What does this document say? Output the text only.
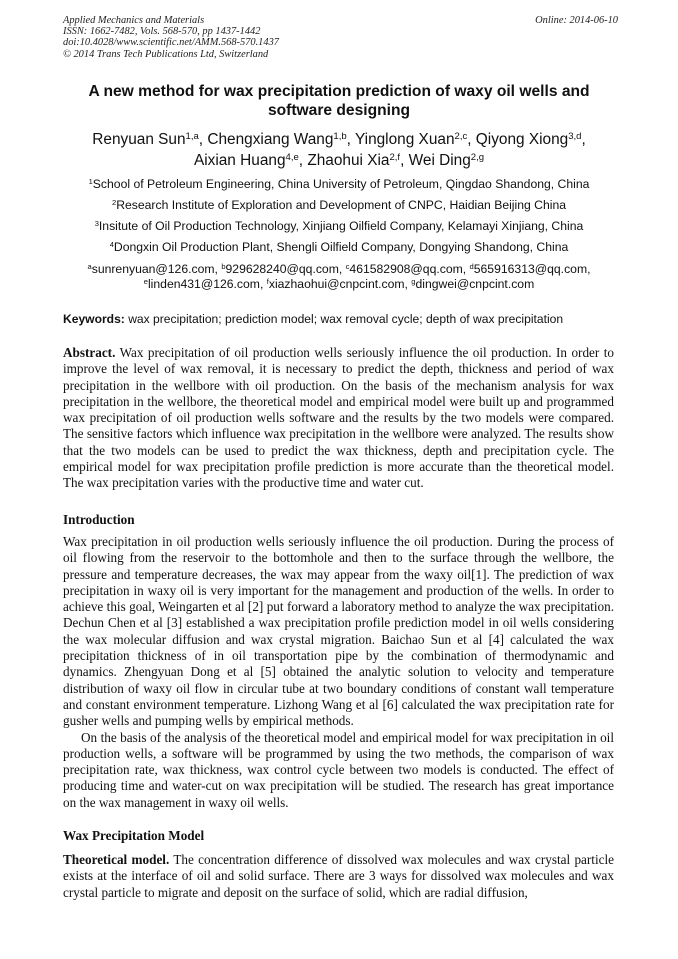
Applied Mechanics and Materials
ISSN: 1662-7482, Vols. 568-570, pp 1437-1442
doi:10.4028/www.scientific.net/AMM.568-570.1437
© 2014 Trans Tech Publications Ltd, Switzerland
Online: 2014-06-10
A new method for wax precipitation prediction of waxy oil wells and software designing
Renyuan Sun$^{1,a}$, Chengxiang Wang$^{1,b}$, Yinglong Xuan$^{2,c}$, Qiyong Xiong$^{3,d}$,
Aixian Huang$^{4,e}$, Zhaohui Xia$^{2,f}$, Wei Ding$^{2,g}$
$^1$School of Petroleum Engineering, China University of Petroleum, Qingdao Shandong, China
$^2$Research Institute of Exploration and Development of CNPC, Haidian Beijing China
$^3$Insitute of Oil Production Technology, Xinjiang Oilfield Company, Kelamayi Xinjiang, China
$^4$Dongxin Oil Production Plant, Shengli Oilfield Company, Dongying Shandong, China
$^a$sunrenyuan@126.com, $^b$929628240@qq.com, $^c$461582908@qq.com, $^d$565916313@qq.com,
$^e$linden431@126.com, $^f$xiazhaohui@cnpcint.com, $^g$dingwei@cnpcint.com
Keywords: wax precipitation; prediction model; wax removal cycle; depth of wax precipitation

Abstract. Wax precipitation of oil production wells seriously influence the oil production. In order to improve the level of wax removal, it is necessary to predict the depth, thickness and period of wax precipitation in the wellbore with oil production. On the basis of the mechanism analysis for wax precipitation in the wellbore, the theoretical model and empirical model were built up and programmed wax precipitation of oil production wells software and the results by the two models were compared. The sensitive factors which influence wax precipitation in the wellbore were analyzed. The results show that the two models can be used to predict the wax thickness, depth and precipitation cycle. The empirical model for wax precipitation profile prediction is more accurate than the theoretical model. The wax precipitation varies with the productive time and water cut.

Introduction

Wax precipitation in oil production wells seriously influence the oil production. During the process of oil flowing from the reservoir to the bottomhole and then to the surface through the wellbore, the pressure and temperature decreases, the wax may appear from the waxy oil[1]. The prediction of wax precipitation in waxy oil is very important for the management and production of the wells. In order to achieve this goal, Weingarten et al [2] put forward a laboratory method to analyze the wax precipitation. Dechun Chen et al [3] established a wax precipitation profile prediction model in oil wells considering the wax molecular diffusion and wax crystal migration. Baichao Sun et al [4] calculated the wax precipitation thickness of in oil transportation pipe by the combination of thermodynamic and dynamics. Zhengyuan Dong et al [5] obtained the analytic solution to velocity and temperature distribution of waxy oil flow in circular tube at two boundary conditions of constant wall temperature and constant environment temperature. Lizhong Wang et al [6] calculated the wax precipitation rate for gusher wells and pumping wells by empirical methods.

On the basis of the analysis of the theoretical model and empirical model for wax precipitation in oil production wells, a software will be programmed by using the two methods, the comparison of wax precipitation rate, wax thickness, wax control cycle between two models is conducted. The effect of producing time and water-cut on wax precipitation will be studied. The research has great importance on the wax management in waxy oil wells.

Wax Precipitation Model

Theoretical model. The concentration difference of dissolved wax molecules and wax crystal particle exists at the interface of oil and solid surface. There are 3 ways for dissolved wax molecules and wax crystal particle to migrate and deposit on the surface of solid, which are radial diffusion,
